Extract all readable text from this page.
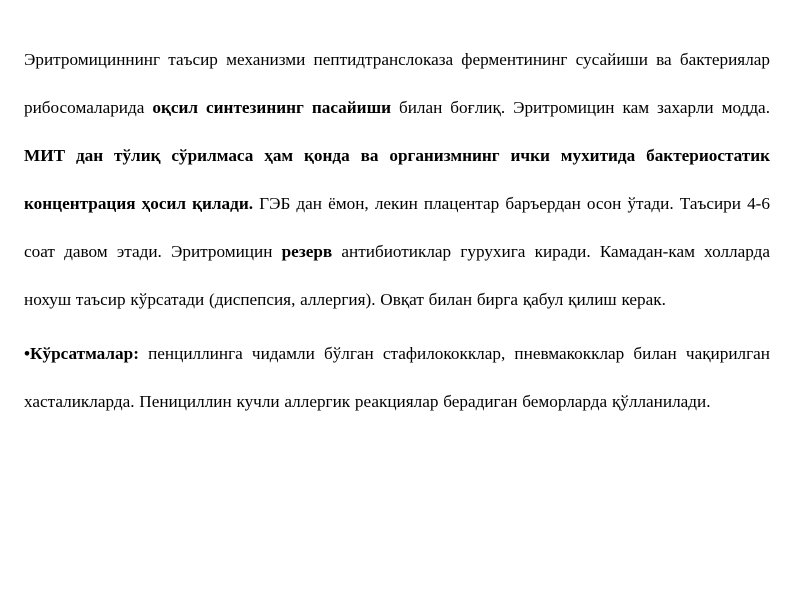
Эритромициннинг таъсир механизми пептидтранслоказа ферментининг сусайиши ва бактериялар рибосомаларида оқсил синтезининг пасайиши билан боғлиқ. Эритромицин кам захарли модда. МИТ дан тўлиқ сўрилмаса ҳам қонда ва организмнинг ички мухитида бактериостатик концентрация ҳосил қилади. ГЭБ дан ёмон, лекин плацентар баръердан осон ўтади. Таъсири 4-6 соат давом этади. Эритромицин резерв антибиотиклар гурухига киради. Камадан-кам холларда нохуш таъсир кўрсатади (диспепсия, аллергия). Овқат билан бирга қабул қилиш керак.

•Кўрсатмалар: пенциллинга чидамли бўлган стафилококклар, пневмакокклар билан чақирилган хасталикларда. Пенициллин кучли аллергик реакциялар берадиган беморларда қўлланилади.
